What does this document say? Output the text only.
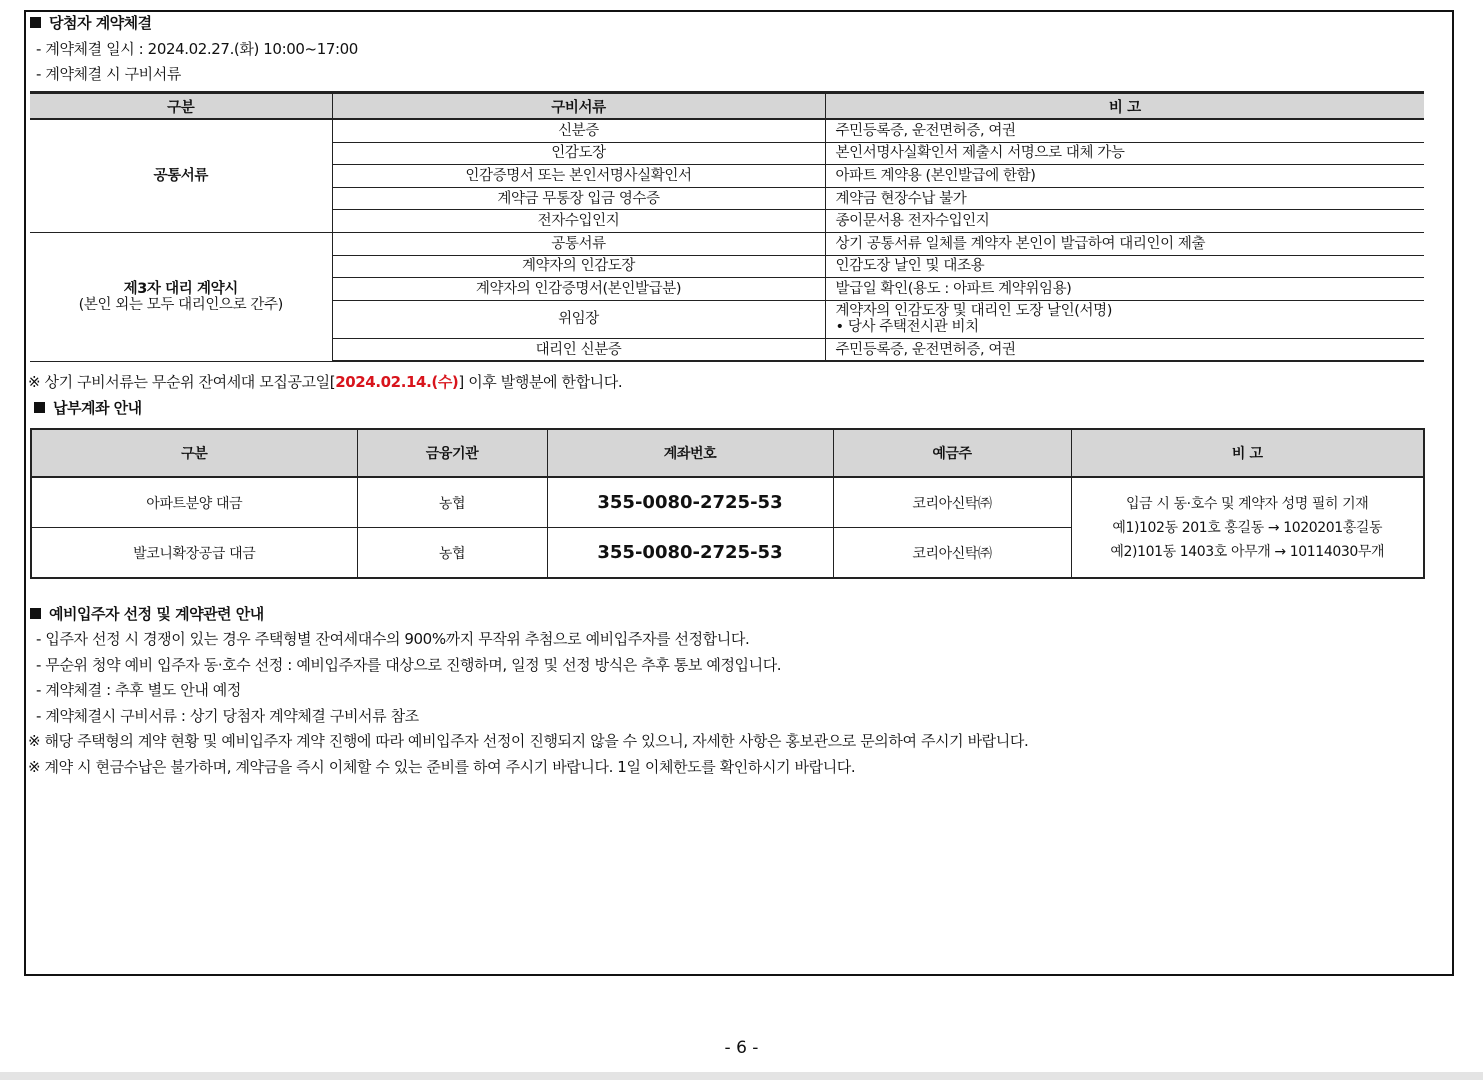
당첨자 계약체결
- 계약체결 일시 : 2024.02.27.(화) 10:00~17:00
- 계약체결 시 구비서류
구분	구비서류	비 고
공통서류	신분증	주민등록증, 운전면허증, 여권
	인감도장	본인서명사실확인서 제출시 서명으로 대체 가능
	인감증명서 또는 본인서명사실확인서	아파트 계약용 (본인발급에 한함)
	계약금 무통장 입금 영수증	계약금 현장수납 불가
	전자수입인지	종이문서용 전자수입인지
제3자 대리 계약시
(본인 외는 모두 대리인으로 간주)	공통서류	상기 공통서류 일체를 계약자 본인이 발급하여 대리인이 제출
	계약자의 인감도장	인감도장 날인 및 대조용
	계약자의 인감증명서(본인발급분)	발급일 확인(용도 : 아파트 계약위임용)
	위임장	계약자의 인감도장 및 대리인 도장 날인(서명)
• 당사 주택전시관 비치

	대리인 신분증	주민등록증, 운전면허증, 여권
※ 상기 구비서류는 무순위 잔여세대 모집공고일[2024.02.14.(수)] 이후 발행분에 한합니다.
납부계좌 안내
구분	금융기관	계좌번호	예금주	비 고
아파트분양 대금	농협	355-0080-2725-53	코리아신탁㈜	입금 시 동·호수 및 계약자 성명 필히 기재
예1)102동 201호 홍길동 → 1020201홍길동
예2)101동 1403호 아무개 → 10114030무개

발코니확장공급 대금	농협	355-0080-2725-53	코리아신탁㈜	
예비입주자 선정 및 계약관련 안내
- 입주자 선정 시 경쟁이 있는 경우 주택형별 잔여세대수의 900%까지 무작위 추첨으로 예비입주자를 선정합니다.
- 무순위 청약 예비 입주자 동·호수 선정 : 예비입주자를 대상으로 진행하며, 일정 및 선정 방식은 추후 통보 예정입니다.
- 계약체결 : 추후 별도 안내 예정
- 계약체결시 구비서류 : 상기 당첨자 계약체결 구비서류 참조
※ 해당 주택형의 계약 현황 및 예비입주자 계약 진행에 따라 예비입주자 선정이 진행되지 않을 수 있으니, 자세한 사항은 홍보관으로 문의하여 주시기 바랍니다.
※ 계약 시 현금수납은 불가하며, 계약금을 즉시 이체할 수 있는 준비를 하여 주시기 바랍니다. 1일 이체한도를 확인하시기 바랍니다.
- 6 -
